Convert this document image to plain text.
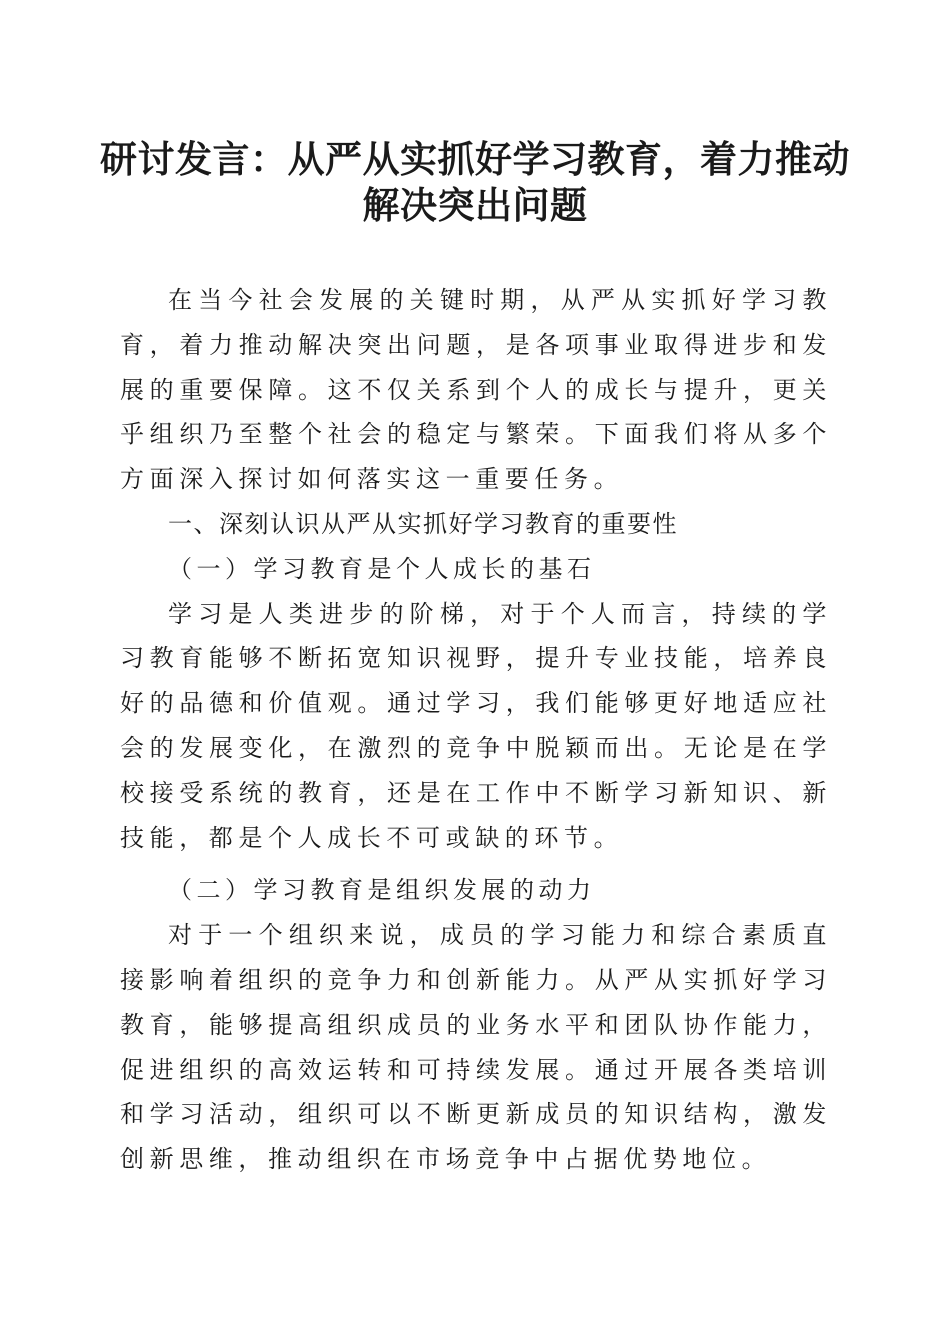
研讨发言：从严从实抓好学习教育，着力推动
解决突出问题

在当今社会发展的关键时期，从严从实抓好学习教育，着力推动解决突出问题，是各项事业取得进步和发展的重要保障。这不仅关系到个人的成长与提升，更关乎组织乃至整个社会的稳定与繁荣。下面我们将从多个方面深入探讨如何落实这一重要任务。

一、深刻认识从严从实抓好学习教育的重要性

（一）学习教育是个人成长的基石

学习是人类进步的阶梯，对于个人而言，持续的学习教育能够不断拓宽知识视野，提升专业技能，培养良好的品德和价值观。通过学习，我们能够更好地适应社会的发展变化，在激烈的竞争中脱颖而出。无论是在学校接受系统的教育，还是在工作中不断学习新知识、新技能，都是个人成长不可或缺的环节。

（二）学习教育是组织发展的动力

对于一个组织来说，成员的学习能力和综合素质直接影响着组织的竞争力和创新能力。从严从实抓好学习教育，能够提高组织成员的业务水平和团队协作能力，促进组织的高效运转和可持续发展。通过开展各类培训和学习活动，组织可以不断更新成员的知识结构，激发创新思维，推动组织在市场竞争中占据优势地位。
